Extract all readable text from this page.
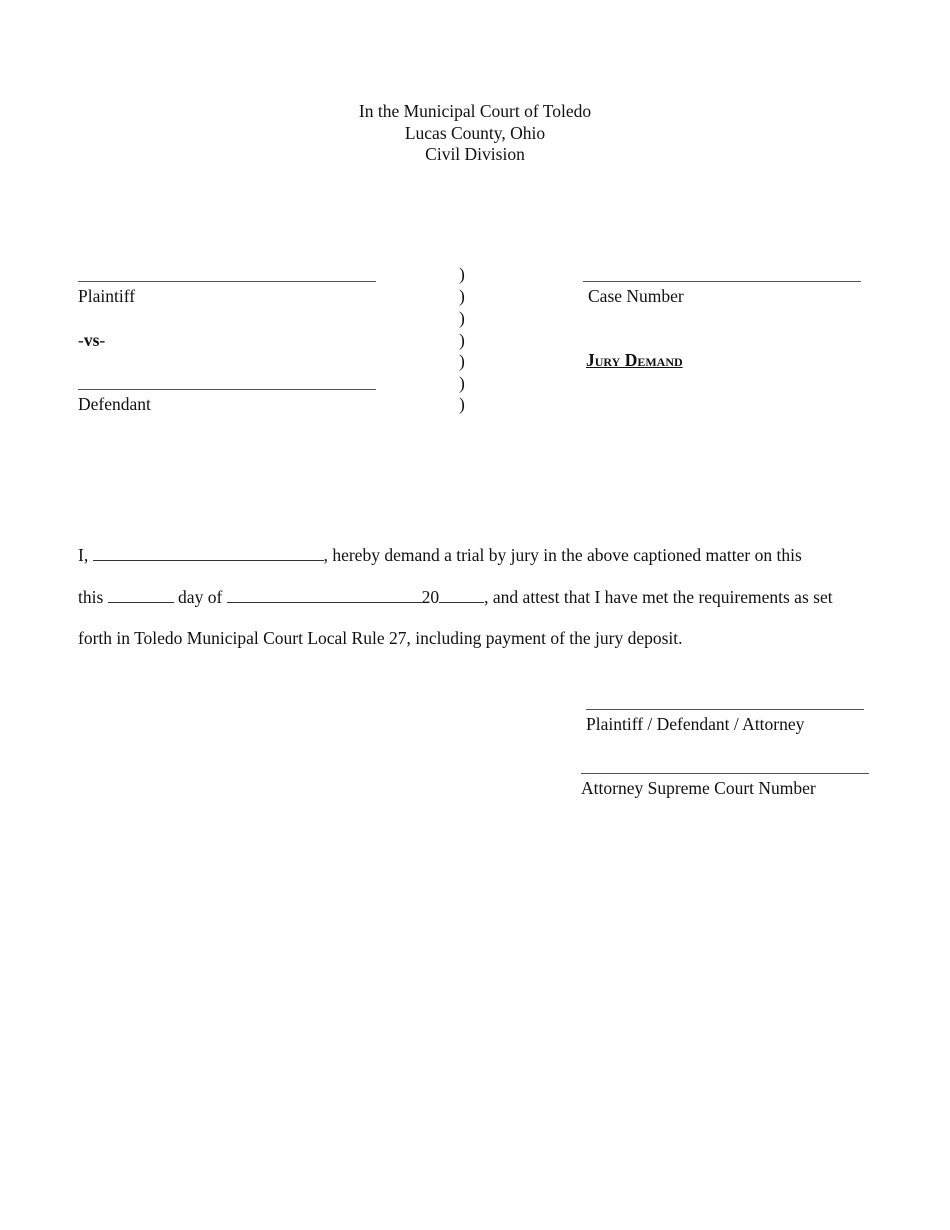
In the Municipal Court of Toledo
Lucas County, Ohio
Civil Division
Plaintiff
-vs-
Defendant
)
)
)
)
)
)
)
Case Number
Jury Demand
I,	, hereby demand a trial by jury in the above captioned matter on this
this	day of	20	, and attest that I have met the requirements as set
forth in Toledo Municipal Court Local Rule 27, including payment of the jury deposit.
Plaintiff / Defendant / Attorney
Attorney Supreme Court Number
